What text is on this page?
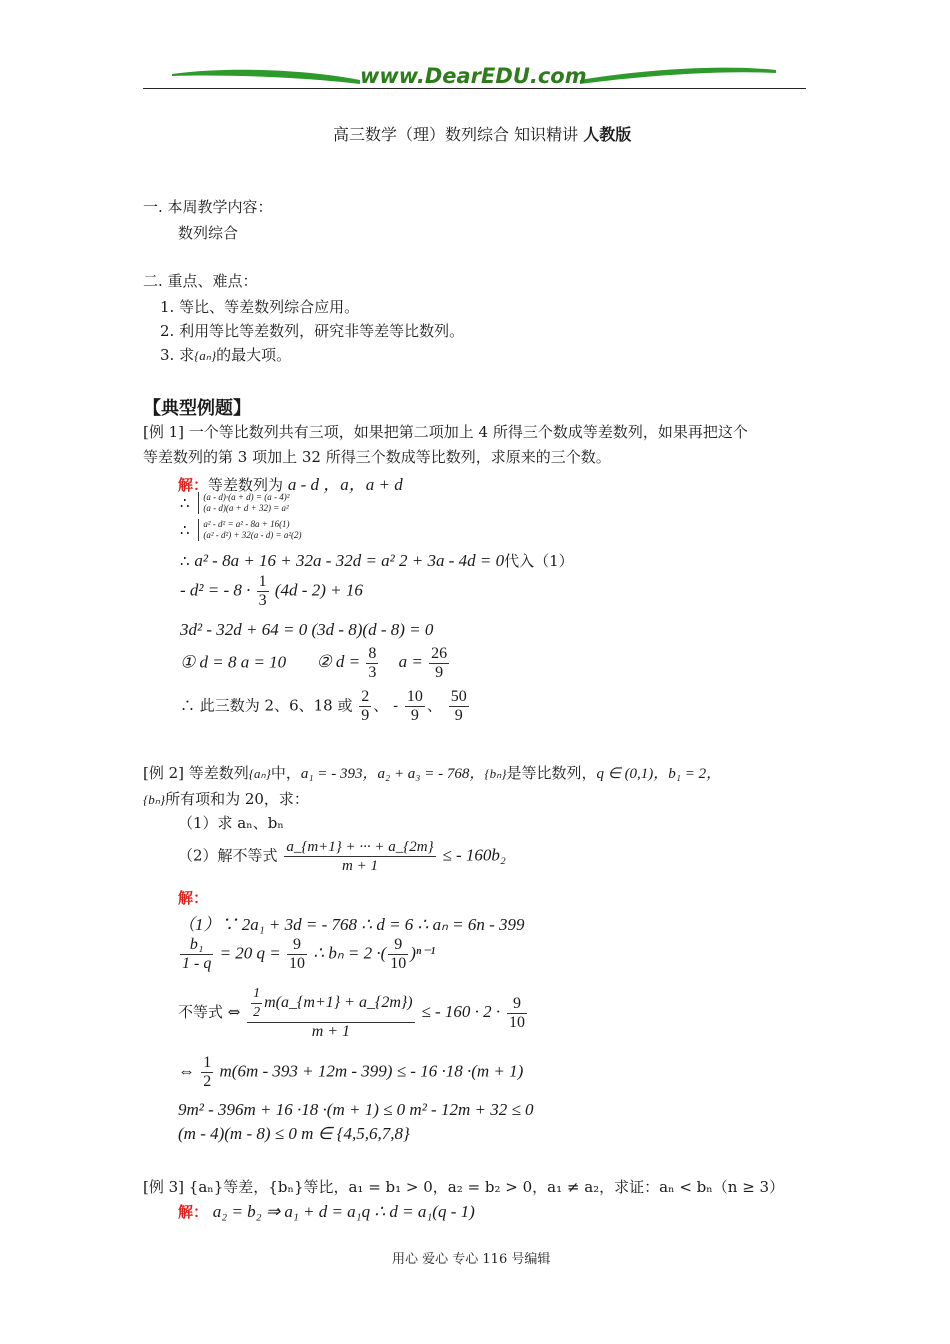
www.DearEDU.com
高三数学（理）数列综合 知识精讲 人教版
一. 本周教学内容：
数列综合
二. 重点、难点：
1. 等比、等差数列综合应用。
2. 利用等比等差数列，研究非等差等比数列。
3. 求{aₙ}的最大项。
【典型例题】
[例 1] 一个等比数列共有三项，如果把第二项加上 4 所得三个数成等差数列，如果再把这个
等差数列的第 3 项加上 32 所得三个数成等比数列，求原来的三个数。
解：等差数列为 a - d ，a，a + d
∴ (a - d)·(a + d) = (a - 4)²
(a - d)(a + d + 32) = a²
∴ a² - d² = a² - 8a + 16(1)
(a² - d²) + 32(a - d) = a²(2)
∴ a² - 8a + 16 + 32a - 32d = a² 2 + 3a - 4d = 0代入（1）
- d² = - $8 \cdot \frac{1}{3} (4d - 2) + 16$
3d² - 32d + 64 = 0 (3d - 8)(d - 8) = 0
① d = 8 a = 10 ② $d = \frac{8}{3}$ $a = \frac{26}{9}$
∴ 此三数为 2、6、18 或 $\frac{2}{9}$ 、 - $\frac{10}{9}$ 、 $\frac{50}{9}$
[例 2] 等差数列{aₙ}中，a₁ = - 393，a₂ + a₃ = - 768，{bₙ}是等比数列，q ∈ (0,1)，b₁ = 2，
{bₙ}所有项和为 20，求：
（1）求 aₙ、bₙ
（2）解不等式 $\frac{a\_\{m+1\} + \cdot\cdot\cdot + a\_\{2m\}}{m + 1}$ ≤ - 160b₂
解：
（1）∵ 2a₁ + 3d = - 768 ∴ d = 6 ∴ aₙ = 6n - 399
$\frac{\text{b₁}}{1 - q} = 20$ $q = \frac{9}{10}$ ∴ bₙ = 2 ·( $\frac{9}{10} )^{n-1}$
不等式 ⇔ $\frac{\frac{1}{2} m(a\_\{m+1\} + a\_\{2m\})}{m + 1}$ ≤ - $160 \cdot 2 \cdot \frac{9}{10}$
⇔ $\frac{1}{2} m(6m - 393 + 12m - 399)$ ≤ - 16 ·18 ·(m + 1)
9m² - 396m + 16 ·18 ·(m + 1) ≤ 0 m² - 12m + 32 ≤ 0
(m - 4)(m - 8) ≤ 0 m ∈ {4,5,6,7,8}
[例 3] {aₙ}等差，{bₙ}等比，a₁ = b₁ > 0，a₂ = b₂ > 0，a₁ ≠ a₂，求证：aₙ < bₙ（n ≥ 3）
解： a₂ = b₂ ⇒ a₁ + d = a₁q ∴ d = a₁(q - 1)
用心 爱心 专心 116 号编辑
